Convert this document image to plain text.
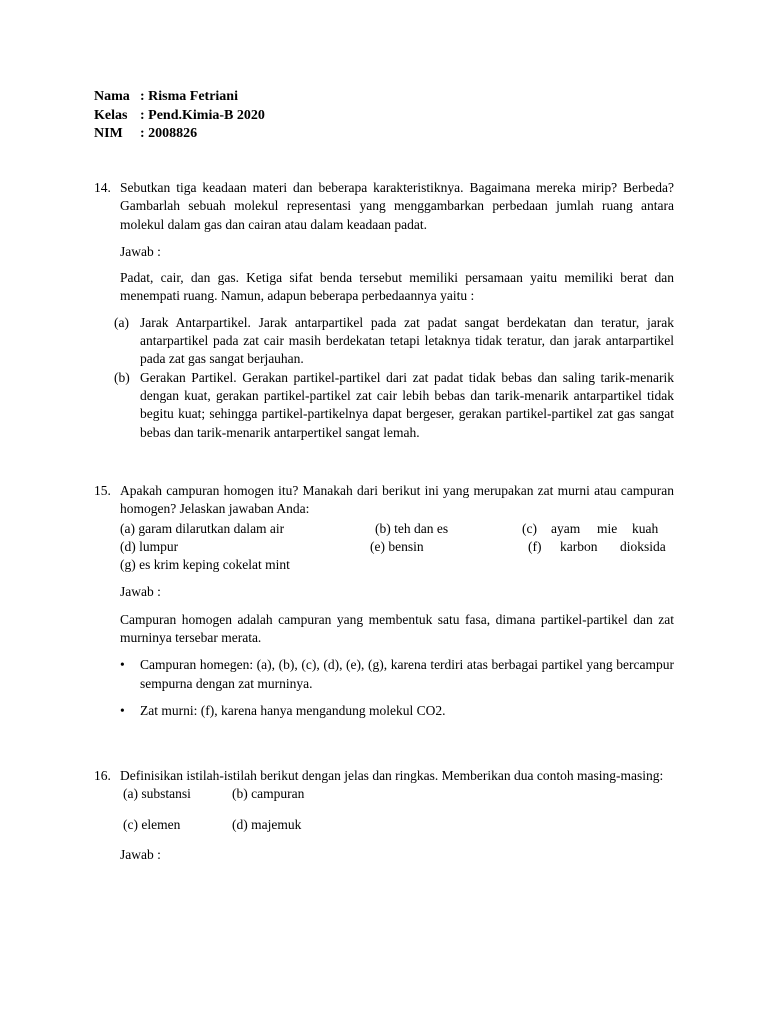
Nama : Risma Fetriani
Kelas : Pend.Kimia-B 2020
NIM : 2008826
14. Sebutkan tiga keadaan materi dan beberapa karakteristiknya. Bagaimana mereka mirip? Berbeda? Gambarlah sebuah molekul representasi yang menggambarkan perbedaan jumlah ruang antara molekul dalam gas dan cairan atau dalam keadaan padat.
Jawab :
Padat, cair, dan gas. Ketiga sifat benda tersebut memiliki persamaan yaitu memiliki berat dan menempati ruang. Namun, adapun beberapa perbedaannya yaitu :
(a) Jarak Antarpartikel. Jarak antarpartikel pada zat padat sangat berdekatan dan teratur, jarak antarpartikel pada zat cair masih berdekatan tetapi letaknya tidak teratur, dan jarak antarpartikel pada zat gas sangat berjauhan.
(b) Gerakan Partikel. Gerakan partikel-partikel dari zat padat tidak bebas dan saling tarik-menarik dengan kuat, gerakan partikel-partikel zat cair lebih bebas dan tarik-menarik antarpartikel tidak begitu kuat; sehingga partikel-partikelnya dapat bergeser, gerakan partikel-partikel zat gas sangat bebas dan tarik-menarik antarpertikel sangat lemah.
15. Apakah campuran homogen itu? Manakah dari berikut ini yang merupakan zat murni atau campuran homogen? Jelaskan jawaban Anda:
(a) garam dilarutkan dalam air	(b) teh dan es	(c) ayam mie kuah
(d) lumpur	(e) bensin	(f) karbon dioksida
(g) es krim keping cokelat mint
Jawab :
Campuran homogen adalah campuran yang membentuk satu fasa, dimana partikel-partikel dan zat murninya tersebar merata.
• Campuran homegen: (a), (b), (c), (d), (e), (g), karena terdiri atas berbagai partikel yang bercampur sempurna dengan zat murninya.
• Zat murni: (f), karena hanya mengandung molekul CO2.
16. Definisikan istilah-istilah berikut dengan jelas dan ringkas. Memberikan dua contoh masing-masing:
(a) substansi	(b) campuran
(c) elemen	(d) majemuk
Jawab :
